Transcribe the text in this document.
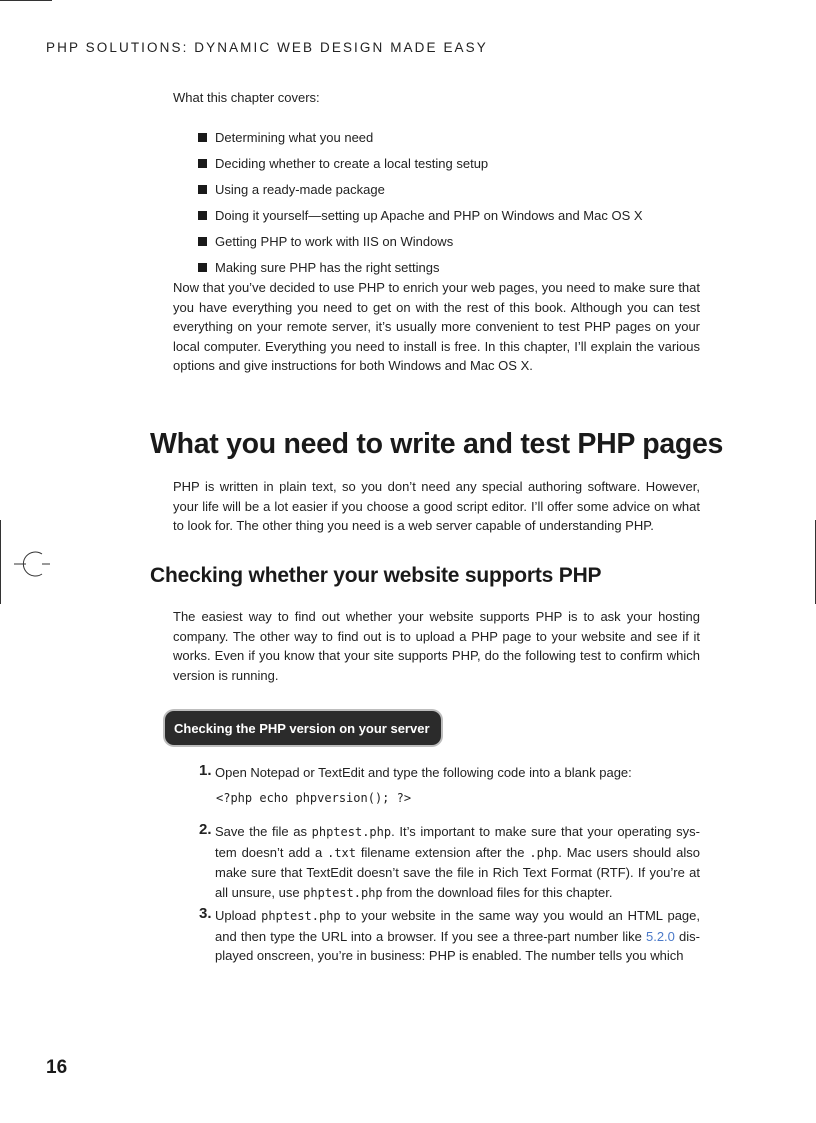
PHP SOLUTIONS: DYNAMIC WEB DESIGN MADE EASY
What this chapter covers:
Determining what you need
Deciding whether to create a local testing setup
Using a ready-made package
Doing it yourself—setting up Apache and PHP on Windows and Mac OS X
Getting PHP to work with IIS on Windows
Making sure PHP has the right settings

Now that you’ve decided to use PHP to enrich your web pages, you need to make sure that you have everything you need to get on with the rest of this book. Although you can test everything on your remote server, it’s usually more convenient to test PHP pages on your local computer. Everything you need to install is free. In this chapter, I’ll explain the various options and give instructions for both Windows and Mac OS X.

What you need to write and test PHP pages

PHP is written in plain text, so you don’t need any special authoring software. However, your life will be a lot easier if you choose a good script editor. I’ll offer some advice on what to look for. The other thing you need is a web server capable of understanding PHP.

Checking whether your website supports PHP

The easiest way to find out whether your website supports PHP is to ask your hosting company. The other way to find out is to upload a PHP page to your website and see if it works. Even if you know that your site supports PHP, do the following test to confirm which version is running.

Checking the PHP version on your server
1. Open Notepad or TextEdit and type the following code into a blank page:
<?php echo phpversion(); ?>
2. Save the file as phptest.php. It’s important to make sure that your operating sys-tem doesn’t add a .txt filename extension after the .php. Mac users should also make sure that TextEdit doesn’t save the file in Rich Text Format (RTF). If you’re at all unsure, use phptest.php from the download files for this chapter.
3. Upload phptest.php to your website in the same way you would an HTML page, and then type the URL into a browser. If you see a three-part number like 5.2.0 dis-played onscreen, you’re in business: PHP is enabled. The number tells you which
16
